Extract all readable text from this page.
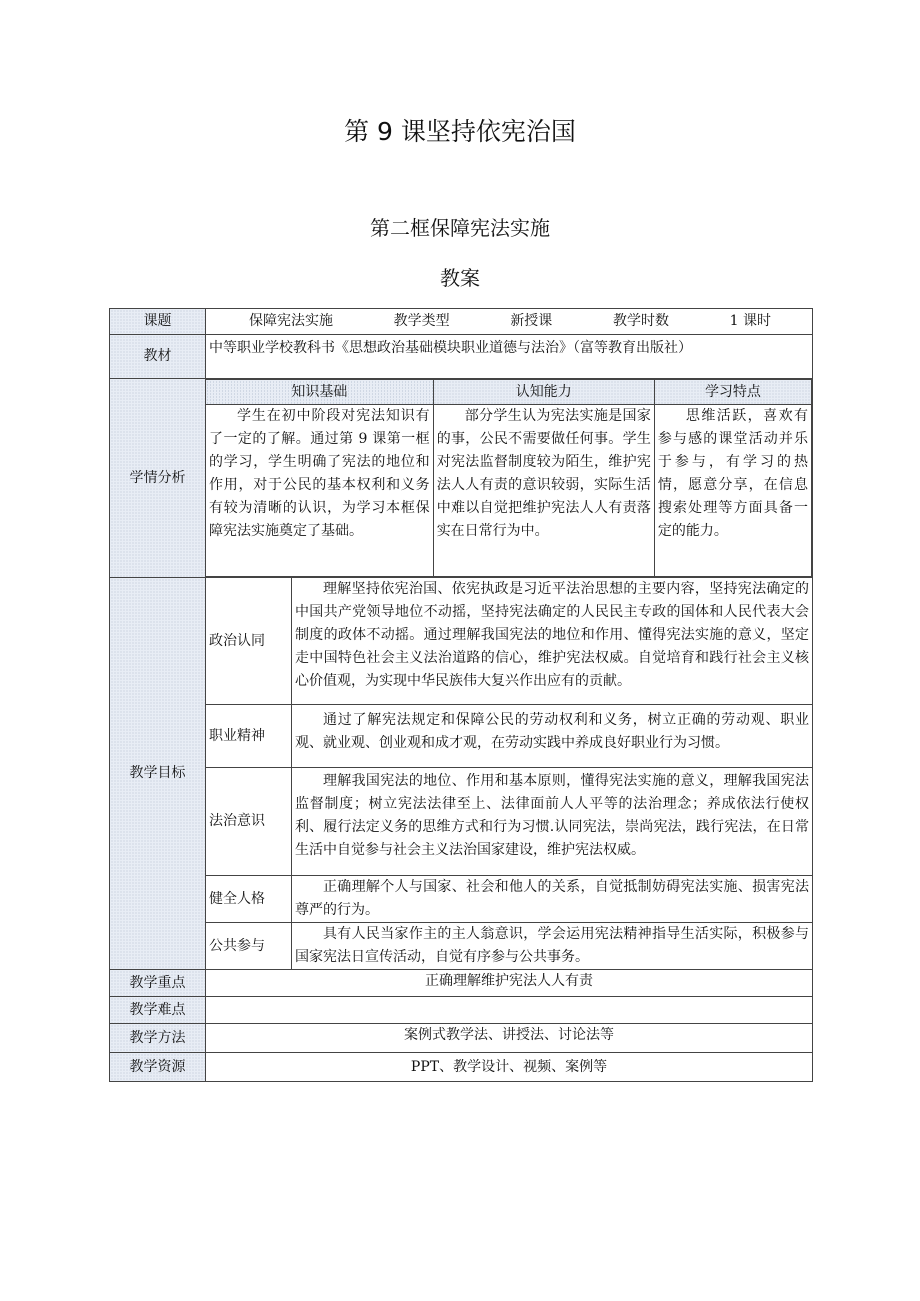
第 9 课坚持依宪治国
第二框保障宪法实施
教案
课题	保障宪法实施	教学类型	新授课	教学时数	1 课时

教材	中等职业学校教科书《思想政治基础模块职业道德与法治》（富等教育出版社）
学情分析	
知识基础	认知能力	学习特点
学生在初中阶段对宪法知识有了一定的了解。通过第 9 课第一框的学习，学生明确了宪法的地位和作用，对于公民的基本权利和义务有较为清晰的认识，为学习本框保障宪法实施奠定了基础。	部分学生认为宪法实施是国家的事，公民不需要做任何事。学生对宪法监督制度较为陌生，维护宪法人人有责的意识较弱，实际生活中难以自觉把维护宪法人人有责落实在日常行为中。	思维活跃，喜欢有参与感的课堂活动并乐于参与，有学习的热情，愿意分享，在信息搜索处理等方面具备一定的能力。

教学目标	政治认同	理解坚持依宪治国、依宪执政是习近平法治思想的主要内容，坚持宪法确定的中国共产党领导地位不动摇，坚持宪法确定的人民民主专政的国体和人民代表大会制度的政体不动摇。通过理解我国宪法的地位和作用、懂得宪法实施的意义，坚定走中国特色社会主义法治道路的信心，维护宪法权威。自觉培育和践行社会主义核心价值观，为实现中华民族伟大复兴作出应有的贡献。
职业精神	通过了解宪法规定和保障公民的劳动权利和义务，树立正确的劳动观、职业观、就业观、创业观和成才观，在劳动实践中养成良好职业行为习惯。
法治意识	理解我国宪法的地位、作用和基本原则，懂得宪法实施的意义，理解我国宪法监督制度；树立宪法法律至上、法律面前人人平等的法治理念；养成依法行使权利、履行法定义务的思维方式和行为习惯.认同宪法，崇尚宪法，践行宪法，在日常生活中自觉参与社会主义法治国家建设，维护宪法权威。
健全人格	正确理解个人与国家、社会和他人的关系，自觉抵制妨碍宪法实施、损害宪法尊严的行为。
公共参与	具有人民当家作主的主人翁意识，学会运用宪法精神指导生活实际，积极参与国家宪法日宣传活动，自觉有序参与公共事务。
教学重点	正确理解维护宪法人人有责
教学难点	
教学方法	案例式教学法、讲授法、讨论法等
教学资源	PPT、教学设计、视频、案例等
